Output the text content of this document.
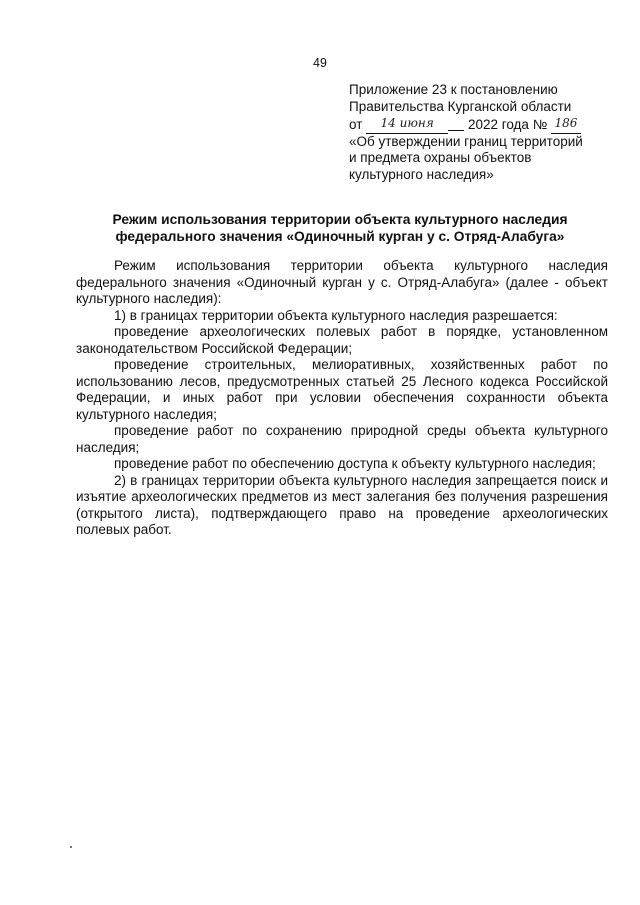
49
Приложение 23 к постановлению
Правительства Курганской области
от 14 июня	2022 года № 186
«Об утверждении границ территорий
и предмета охраны объектов
культурного наследия»
Режим использования территории объекта культурного наследия
федерального значения «Одиночный курган у с. Отряд-Алабуга»

Режим использования территории объекта культурного наследия федерального значения «Одиночный курган у с. Отряд-Алабуга» (далее - объект культурного наследия):

1) в границах территории объекта культурного наследия разрешается:

проведение археологических полевых работ в порядке, установленном законодательством Российской Федерации;

проведение строительных, мелиоративных, хозяйственных работ по использованию лесов, предусмотренных статьей 25 Лесного кодекса Российской Федерации, и иных работ при условии обеспечения сохранности объекта культурного наследия;

проведение работ по сохранению природной среды объекта культурного наследия;

проведение работ по обеспечению доступа к объекту культурного наследия;

2) в границах территории объекта культурного наследия запрещается поиск и изъятие археологических предметов из мест залегания без получения разрешения (открытого листа), подтверждающего право на проведение археологических полевых работ.
